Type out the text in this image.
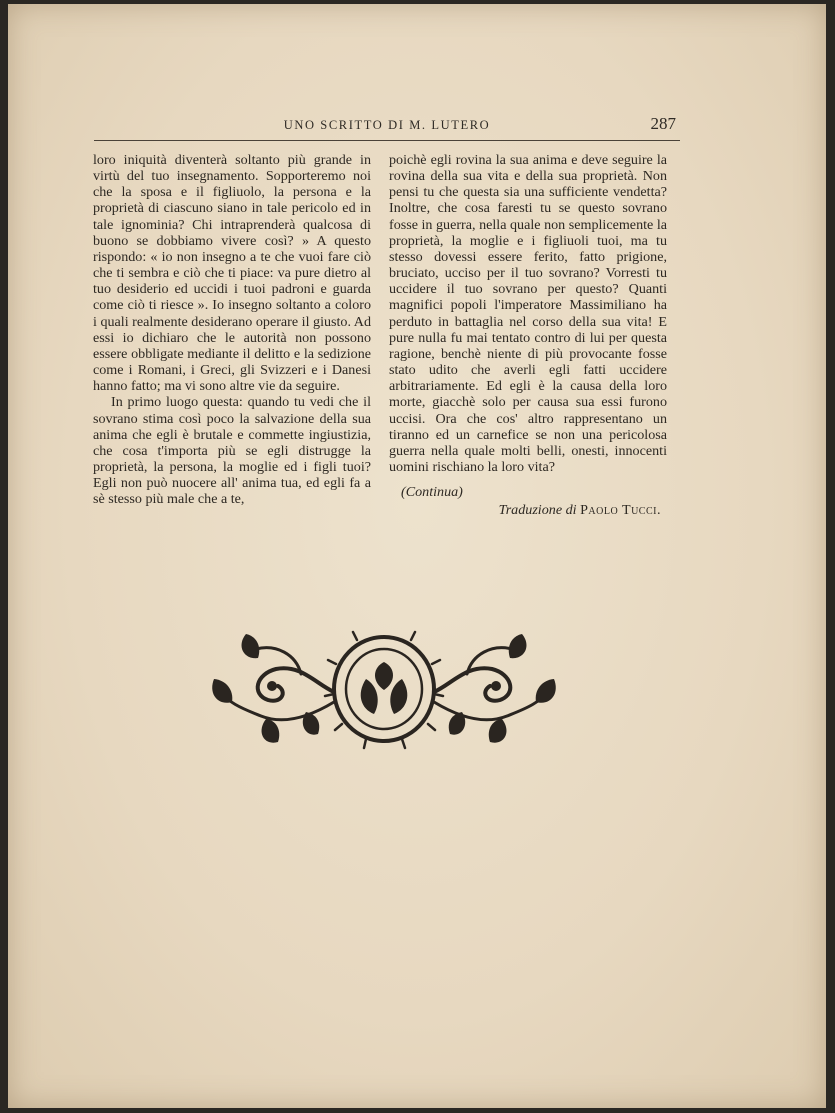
UNO SCRITTO DI M. LUTERO	287

loro iniquità diventerà soltanto più grande in virtù del tuo insegnamento. Sopporteremo noi che la sposa e il figliuolo, la persona e la proprietà di ciascuno siano in tale pericolo ed in tale ignominia? Chi intraprenderà qualcosa di buono se dobbiamo vivere così? » A questo rispondo: « io non insegno a te che vuoi fare ciò che ti sembra e ciò che ti piace: va pure dietro al tuo desiderio ed uccidi i tuoi padroni e guarda come ciò ti riesce ». Io insegno soltanto a coloro i quali realmente desiderano operare il giusto. Ad essi io dichiaro che le autorità non possono essere obbligate mediante il delitto e la sedizione come i Romani, i Greci, gli Svizzeri e i Danesi hanno fatto; ma vi sono altre vie da seguire.

In primo luogo questa: quando tu vedi che il sovrano stima così poco la salvazione della sua anima che egli è brutale e commette ingiustizia, che cosa t'importa più se egli distrugge la proprietà, la persona, la moglie ed i figli tuoi? Egli non può nuocere all' anima tua, ed egli fa a sè stesso più male che a te,

poichè egli rovina la sua anima e deve seguire la rovina della sua vita e della sua proprietà. Non pensi tu che questa sia una sufficiente vendetta? Inoltre, che cosa faresti tu se questo sovrano fosse in guerra, nella quale non semplicemente la proprietà, la moglie e i figliuoli tuoi, ma tu stesso dovessi essere ferito, fatto prigione, bruciato, ucciso per il tuo sovrano? Vorresti tu uccidere il tuo sovrano per questo? Quanti magnifici popoli l'imperatore Massimiliano ha perduto in battaglia nel corso della sua vita! E pure nulla fu mai tentato contro di lui per questa ragione, benchè niente di più provocante fosse stato udito che averli egli fatti uccidere arbitrariamente. Ed egli è la causa della loro morte, giacchè solo per causa sua essi furono uccisi. Ora che cos' altro rappresentano un tiranno ed un carnefice se non una pericolosa guerra nella quale molti belli, onesti, innocenti uomini rischiano la loro vita?

(Continua)
Traduzione di Paolo Tucci.
